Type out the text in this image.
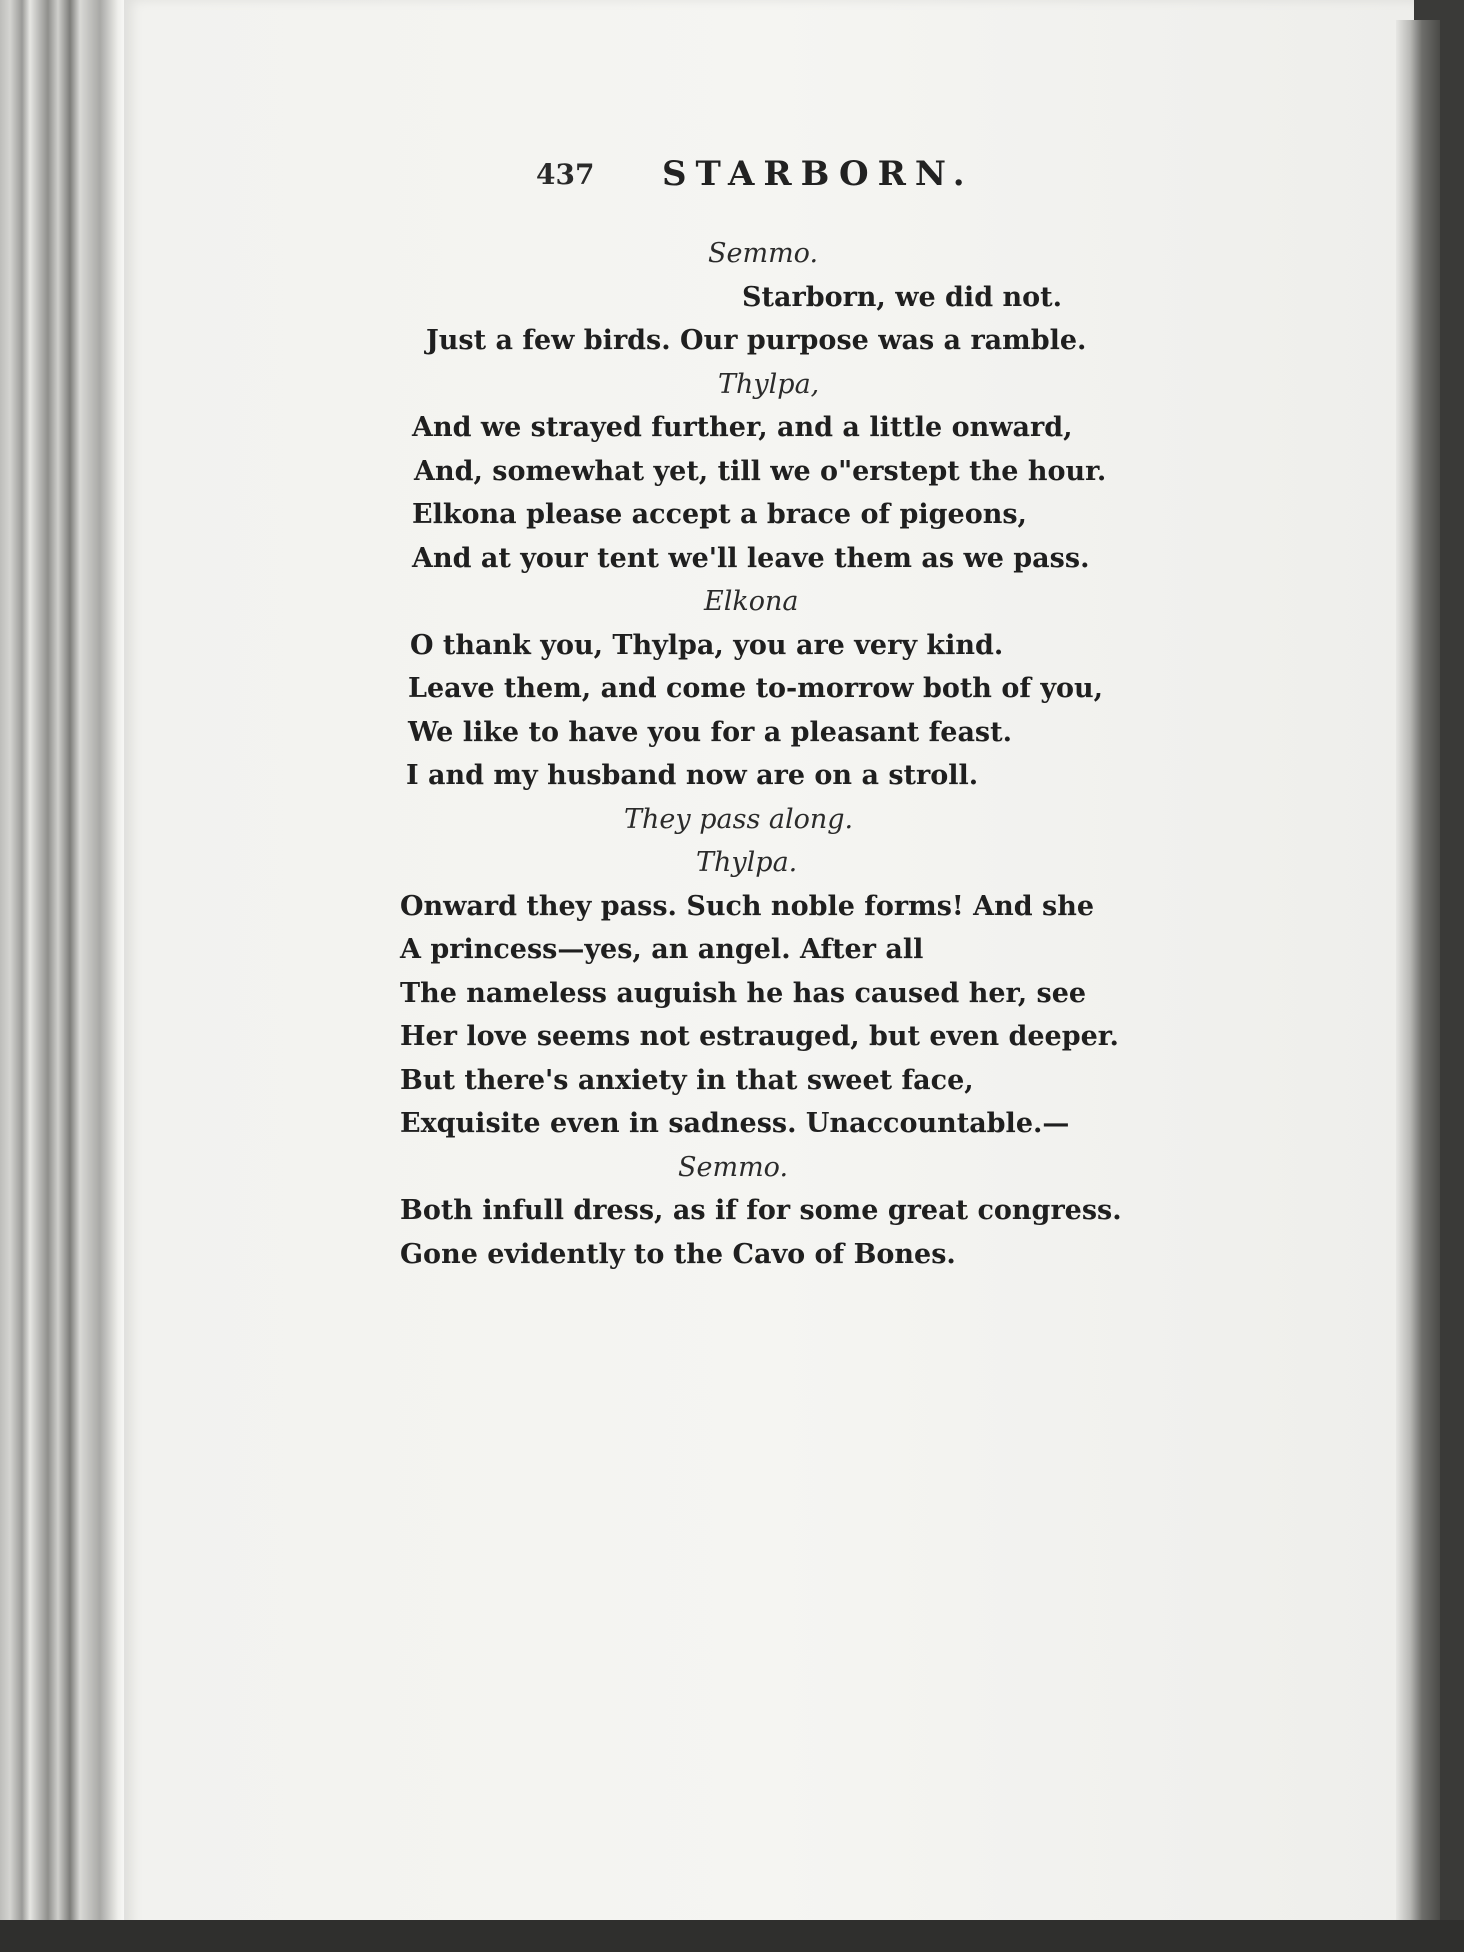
437 STARBORN.
Semmo.
Starborn, we did not.
Just a few birds. Our purpose was a ramble.
Thylpa,
And we strayed further, and a little onward,
And, somewhat yet, till we o"erstept the hour.
Elkona please accept a brace of pigeons,
And at your tent we'll leave them as we pass.
Elkona
O thank you, Thylpa, you are very kind.
Leave them, and come to-morrow both of you,
We like to have you for a pleasant feast.
I and my husband now are on a stroll.
They pass along.
Thylpa.
Onward they pass. Such noble forms! And she
A princess—yes, an angel. After all
The nameless auguish he has caused her, see
Her love seems not estrauged, but even deeper.
But there's anxiety in that sweet face,
Exquisite even in sadness. Unaccountable.—
Semmo.
Both infull dress, as if for some great congress.
Gone evidently to the Cavo of Bones.
